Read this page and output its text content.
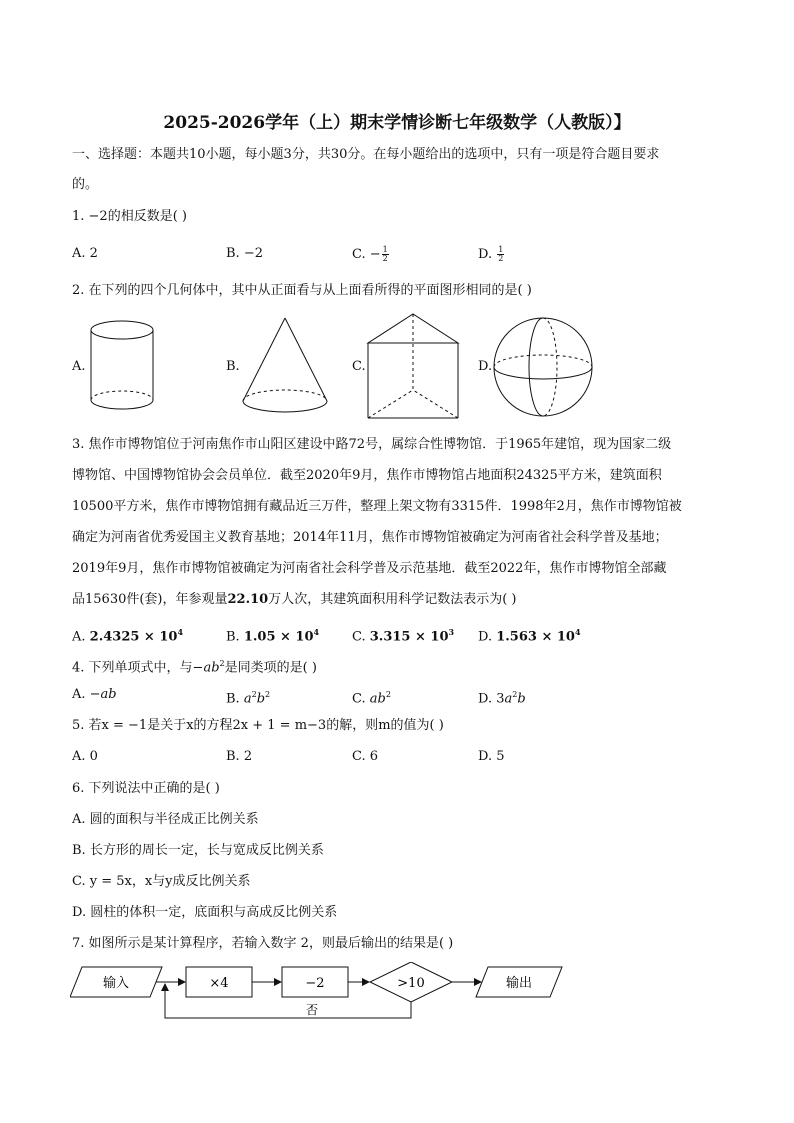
2025-2026学年（上）期末学情诊断七年级数学（人教版）】
一、选择题：本题共10小题，每小题3分，共30分。在每小题给出的选项中，只有一项是符合题目要求
的。
1. −2的相反数是( )
A. 2	B. −2	C. − $\frac{1}{2}$	D. $\frac{1}{2}$
2. 在下列的四个几何体中，其中从正面看与从上面看所得的平面图形相同的是( )
A.	B.	C.	D.
3. 焦作市博物馆位于河南焦作市山阳区建设中路72号，属综合性博物馆．于1965年建馆，现为国家二级
博物馆、中国博物馆协会会员单位．截至2020年9月，焦作市博物馆占地面积24325平方米，建筑面积
10500平方米，焦作市博物馆拥有藏品近三万件，整理上架文物有3315件．1998年2月，焦作市博物馆被
确定为河南省优秀爱国主义教育基地；2014年11月，焦作市博物馆被确定为河南省社会科学普及基地；
2019年9月，焦作市博物馆被确定为河南省社会科学普及示范基地．截至2022年，焦作市博物馆全部藏
品15630件(套)，年参观量22.10万人次，其建筑面积用科学记数法表示为( )
A. $2.4325 \times 10^4$	B. $1.05 \times 10^4$	C. $3.315 \times 10^3$ D. $1.563 \times 10^4$
4. 下列单项式中，与$-ab^2$是同类项的是( )
A. −ab	B. $a^2b^2$	C. $ab^2$	D. $3a^2b$
5. 若x = −1是关于x的方程2x + 1 = m−3的解，则m的值为( )
A. 0	B. 2	C. 6	D. 5
6. 下列说法中正确的是( )
A. 圆的面积与半径成正比例关系
B. 长方形的周长一定，长与宽成反比例关系
C. y = 5x，x与y成反比例关系
D. 圆柱的体积一定，底面积与高成反比例关系
7. 如图所示是某计算程序，若输入数字 2，则最后输出的结果是( )
输入	×4	−2	>10	输出
否
